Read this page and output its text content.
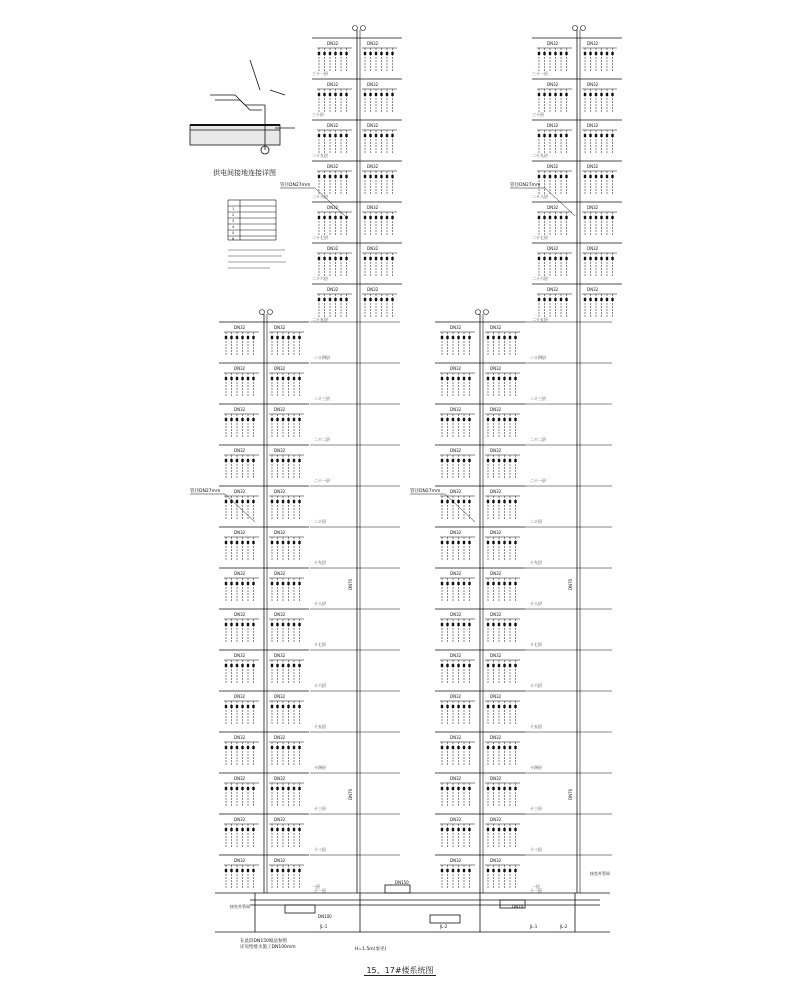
DN32	DN32
三十一层
DN32	DN32
三十层
DN32	DN32
二十九层
DN32	DN32
二十八层
DN32	DN32
二十七层
DN32	DN32
二十六层
DN32	DN32
二十五层
DN32	DN32
三十一层
DN32	DN32
三十层
DN32	DN32
二十九层
DN32	DN32
二十八层
DN32	DN32
二十七层
DN32	DN32
二十六层
DN32	DN32
二十五层
DN32	DN32
二十四层
DN32	DN32
二十三层
DN32	DN32
二十二层
DN32	DN32
二十一层
DN32	DN32
二十层
DN32	DN32
十九层
DN32	DN32
十八层
DN32	DN32
十七层
DN32	DN32
十六层
DN32	DN32
十五层
DN32	DN32
十四层
DN32	DN32
十三层
DN32	DN32
十二层
DN32	DN32
十一层
DN32	DN32
二十四层
DN32	DN32
二十三层
DN32	DN32
二十二层
DN32	DN32
二十一层
DN32	DN32
二十层
DN32	DN32
十九层
DN32	DN32
十八层
DN32	DN32
十七层
DN32	DN32
十六层
DN32	DN32
十五层
DN32	DN32
十四层
DN32	DN32
十三层
DN32	DN32
十二层
DN32	DN32
十一层
管径DN27mm	管径DN27mm
管径DN27mm	管径DN27mm
DN70	DN70
DN70	DN70
一层	一层
DN100
DN70
DN150
接室外管网
接室外管网
JL-1	JL-2	JL-1	JL-2
1
2
3
4
5
6
供电间接地连接详图
在此段DN150做法参照
详见给排水施工DN100mm	H=1.5m(参见)
15、17#楼系统图
